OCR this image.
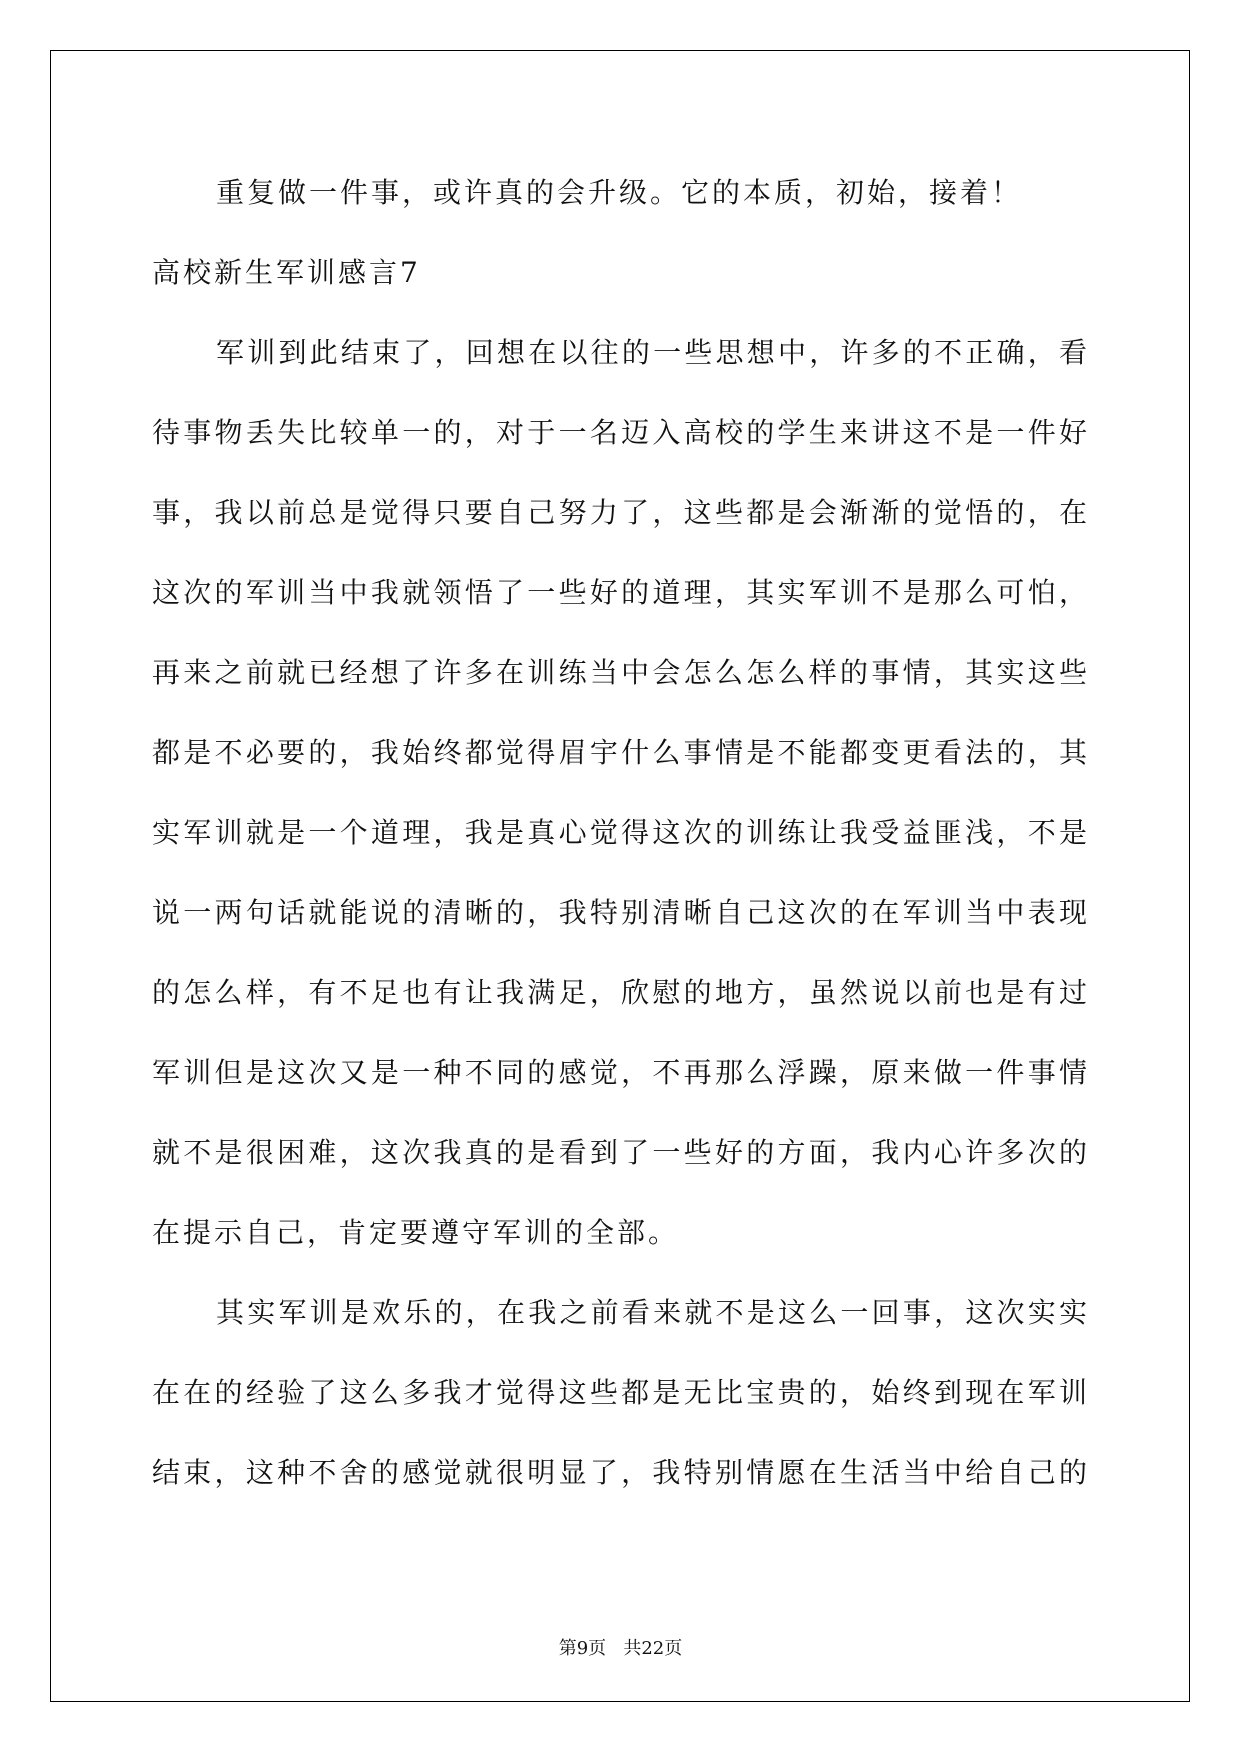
重复做一件事，或许真的会升级。它的本质，初始，接着！
高校新生军训感言7
军训到此结束了，回想在以往的一些思想中，许多的不正确，看
待事物丢失比较单一的，对于一名迈入高校的学生来讲这不是一件好
事，我以前总是觉得只要自己努力了，这些都是会渐渐的觉悟的，在
这次的军训当中我就领悟了一些好的道理，其实军训不是那么可怕，
再来之前就已经想了许多在训练当中会怎么怎么样的事情，其实这些
都是不必要的，我始终都觉得眉宇什么事情是不能都变更看法的，其
实军训就是一个道理，我是真心觉得这次的训练让我受益匪浅，不是
说一两句话就能说的清晰的，我特别清晰自己这次的在军训当中表现
的怎么样，有不足也有让我满足，欣慰的地方，虽然说以前也是有过
军训但是这次又是一种不同的感觉，不再那么浮躁，原来做一件事情
就不是很困难，这次我真的是看到了一些好的方面，我内心许多次的
在提示自己，肯定要遵守军训的全部。
其实军训是欢乐的，在我之前看来就不是这么一回事，这次实实
在在的经验了这么多我才觉得这些都是无比宝贵的，始终到现在军训
结束，这种不舍的感觉就很明显了，我特别情愿在生活当中给自己的
第9页   共22页
